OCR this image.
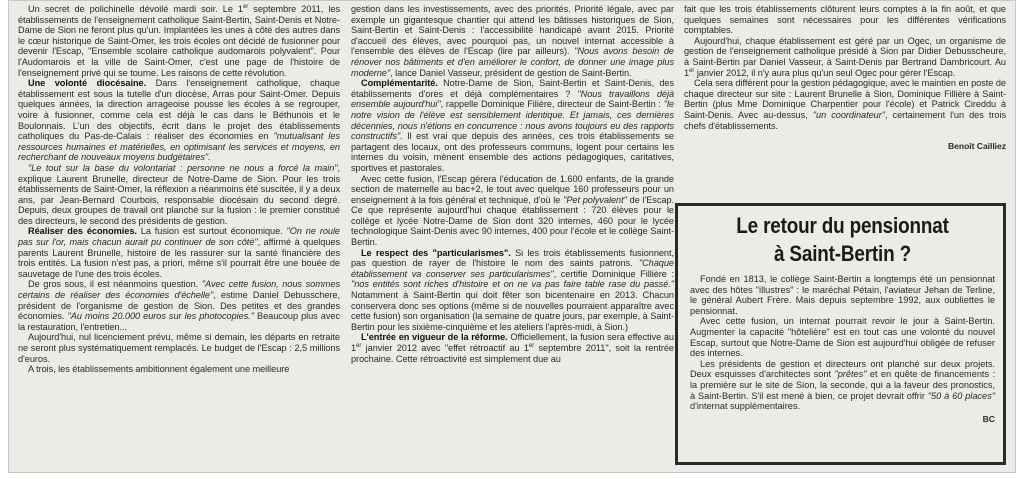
Un secret de polichinelle dévoilé mardi soir. Le 1er septembre 2011, les établissements de l'enseignement catholique Saint-Bertin, Saint-Denis et Notre-Dame de Sion ne feront plus qu'un. Implantées les unes à côté des autres dans le cœur historique de Saint-Omer, les trois écoles ont décidé de fusionner pour devenir l'Escap, "Ensemble scolaire catholique audomarois polyvalent". Pour l'Audomarois et la ville de Saint-Omer, c'est une page de l'histoire de l'enseignement privé qui se tourne. Les raisons de cette révolution.

Une volonté diocésaine. Dans l'enseignement catholique, chaque établissement est sous la tutelle d'un diocèse, Arras pour Saint-Omer. Depuis quelques années, la direction arrageoise pousse les écoles à se regrouper, voire à fusionner, comme cela est déjà le cas dans le Béthunois et le Boulonnais. L'un des objectifs, écrit dans le projet des établissements catholiques du Pas-de-Calais : réaliser des économies en "mutualisant les ressources humaines et matérielles, en optimisant les services et moyens, en recherchant de nouveaux moyens budgétaires".

"Le tout sur la base du volontariat : personne ne nous a forcé la main", explique Laurent Brunelle, directeur de Notre-Dame de Sion. Pour les trois établissements de Saint-Omer, la réflexion a néanmoins été suscitée, il y a deux ans, par Jean-Bernard Courbois, responsable diocésain du second degré. Depuis, deux groupes de travail ont planché sur la fusion : le premier constitué des directeurs, le second des présidents de gestion.

Réaliser des économies. La fusion est surtout économique. "On ne roule pas sur l'or, mais chacun aurait pu continuer de son côté", affirmé à quelques parents Laurent Brunelle, histoire de les rassurer sur la santé financière des trois entités. La fusion n'est pas, a priori, même s'il pourrait être une bouée de sauvetage de l'une des trois écoles.

De gros sous, il est néanmoins question. "Avec cette fusion, nous sommes certains de réaliser des économies d'échelle", estime Daniel Debusschere, président de l'organisme de gestion de Sion. Des petites et des grandes économies. "Au moins 20.000 euros sur les photocopies." Beaucoup plus avec la restauration, l'entretien...

Aujourd'hui, nul licenciement prévu, même si demain, les départs en retraite ne seront plus systématiquement remplacés. Le budget de l'Escap : 2,5 millions d'euros.

A trois, les établissements ambitionnent également une meilleure

gestion dans les investissements, avec des priorités. Priorité légale, avec par exemple un gigantesque chantier qui attend les bâtisses historiques de Sion, Saint-Bertin et Saint-Denis : l'accessibilité handicapé avant 2015. Priorité d'accueil des élèves, avec pourquoi pas, un nouvel internat accessible à l'ensemble des élèves de l'Escap (lire par ailleurs). "Nous avons besoin de rénover nos bâtiments et d'en améliorer le confort, de donner une image plus moderne", lance Daniel Vasseur, président de gestion de Saint-Bertin.

Complémentarité. Notre-Dame de Sion, Saint-Bertin et Saint-Denis, des établissements d'ores et déjà complémentaires ? "Nous travaillons déjà ensemble aujourd'hui", rappelle Dominique Filière, directeur de Saint-Bertin : "le notre vision de l'élève est sensiblement identique. Et jamais, ces dernières décennies, nous n'étions en concurrence : nous avons toujours eu des rapports constructifs". Il est vrai que depuis des années, ces trois établissements se partagent des locaux, ont des professeurs communs, logent pour certains les internes du voisin, mènent ensemble des actions pédagogiques, caritatives, sportives et pastorales.

Avec cette fusion, l'Escap gérera l'éducation de 1.600 enfants, de la grande section de maternelle au bac+2, le tout avec quelque 160 professeurs pour un enseignement à la fois général et technique, d'où le "Pet polyvalent" de l'Escap. Ce que représente aujourd'hui chaque établissement : 720 élèves pour le collège et lycée Notre-Dame de Sion dont 320 internes, 460 pour le lycée technologique Saint-Denis avec 90 internes, 400 pour l'école et le collège Saint-Bertin.

Le respect des "particularismes". Si les trois établissements fusionnent, pas question de rayer de l'histoire le nom des saints patrons. "Chaque établissement va conserver ses particularismes", certifie Dominique Fillière : "nos entités sont riches d'histoire et on ne va pas faire table rase du passé." Notamment à Saint-Bertin qui doit fêter son bicentenaire en 2013. Chacun conservera donc ses options (même si de nouvelles pourraient apparaître avec cette fusion) son organisation (la semaine de quatre jours, par exemple, à Saint-Bertin pour les sixième-cinquième et les ateliers l'après-midi, à Sion.)

L'entrée en vigueur de la réforme. Officiellement, la fusion sera effective au 1er janvier 2012 avec "effet rétroactif au 1er septembre 2011", soit la rentrée prochaine. Cette rétroactivité est simplement due au

fait que les trois établissements clôturent leurs comptes à la fin août, et que quelques semaines sont nécessaires pour les différentes vérifications comptables.

Aujourd'hui, chaque établissement est géré par un Ogec, un organisme de gestion de l'enseignement catholique présidé à Sion par Didier Debusscheure, à Saint-Bertin par Daniel Vasseur, à Saint-Denis par Bertrand Dambricourt. Au 1er janvier 2012, il n'y aura plus qu'un seul Ogec pour gérer l'Escap.

Cela sera différent pour la gestion pédagogique, avec le maintien en poste de chaque directeur sur site : Laurent Brunelle à Sion, Dominique Fillière à Saint-Bertin (plus Mme Dominique Charpentier pour l'école) et Patrick Cireddu à Saint-Denis. Avec au-dessus, "un coordinateur", certainement l'un des trois chefs d'établissements.

Benoît Cailliez

Le retour du pensionnat
à Saint-Bertin ?

Fondé en 1813, le collège Saint-Bertin a longtemps été un pensionnat avec des hôtes "illustres" : le maréchal Pétain, l'aviateur Jehan de Terline, le général Aubert Frère. Mais depuis septembre 1992, aux oubliettes le pensionnat.

Avec cette fusion, un internat pourrait revoir le jour à Saint-Bertin. Augmenter la capacité "hôtelière" est en tout cas une volonté du nouvel Escap, surtout que Notre-Dame de Sion est aujourd'hui obligée de refuser des internes.

Les présidents de gestion et directeurs ont planché sur deux projets. Deux esquisses d'architectes sont "prêtes" et en quête de financements : la première sur le site de Sion, la seconde, qui a la faveur des pronostics, à Saint-Bertin. S'il est mené à bien, ce projet devrait offrir "50 à 60 places" d'internat supplémentaires.

BC
